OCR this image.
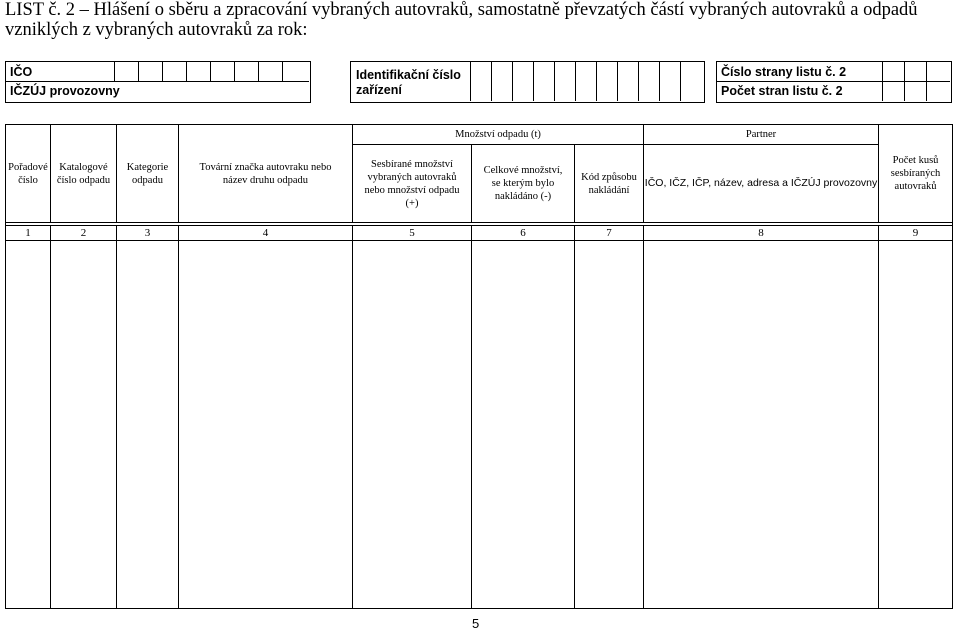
LIST č. 2 – Hlášení o sběru a zpracování vybraných autovraků, samostatně převzatých částí vybraných autovraků a odpadů vzniklých z vybraných autovraků za rok:
IČO
IČZÚJ provozovny
Identifikační číslo
zařízení
Číslo strany listu č. 2
Počet stran listu č. 2
Pořadové číslo	Katalogové číslo odpadu	Kategorie odpadu	Tovární značka autovraku nebo název druhu odpadu	Množství odpadu (t)			Partner	Počet kusů sesbíraných autovraků
				Sesbírané množství vybraných autovraků nebo množství odpadu (+)	Celkové množství, se kterým bylo nakládáno (-)	Kód způsobu nakládání	IČO, IČZ, IČP, název, adresa a IČZÚJ provozovny	

1	2	3	4	5	6	7	8	9

5
